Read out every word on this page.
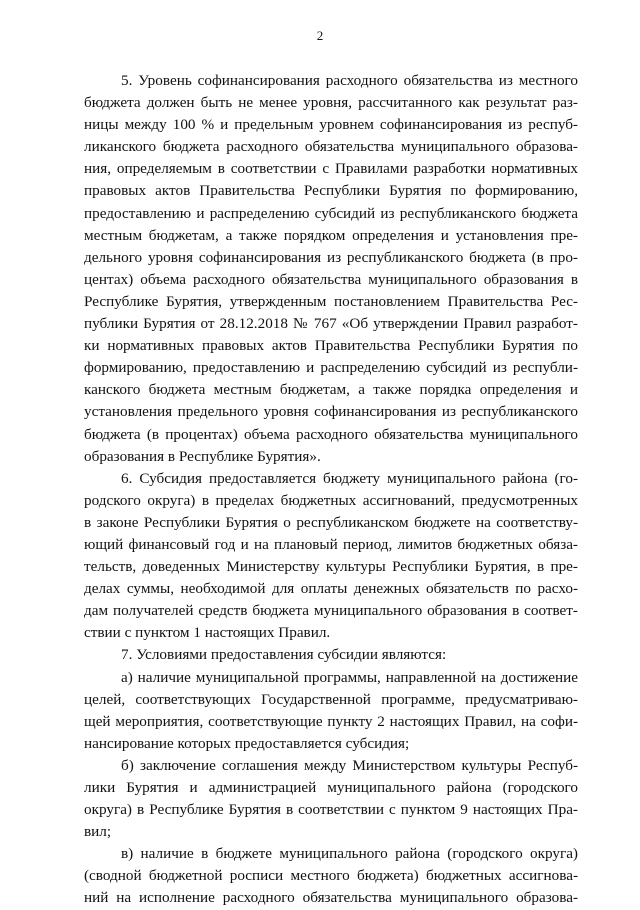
2
5. Уровень софинансирования расходного обязательства из местного
бюджета должен быть не менее уровня, рассчитанного как результат раз-
ницы между 100 % и предельным уровнем софинансирования из респуб-
ликанского бюджета расходного обязательства муниципального образова-
ния, определяемым в соответствии с Правилами разработки нормативных
правовых актов Правительства Республики Бурятия по формированию,
предоставлению и распределению субсидий из республиканского бюджета
местным бюджетам, а также порядком определения и установления пре-
дельного уровня софинансирования из республиканского бюджета (в про-
центах) объема расходного обязательства муниципального образования в
Республике Бурятия, утвержденным постановлением Правительства Рес-
публики Бурятия от 28.12.2018 № 767 «Об утверждении Правил разработ-
ки нормативных правовых актов Правительства Республики Бурятия по
формированию, предоставлению и распределению субсидий из республи-
канского бюджета местным бюджетам, а также порядка определения и
установления предельного уровня софинансирования из республиканского
бюджета (в процентах) объема расходного обязательства муниципального
образования в Республике Бурятия».
6. Субсидия предоставляется бюджету муниципального района (го-
родского округа) в пределах бюджетных ассигнований, предусмотренных
в законе Республики Бурятия о республиканском бюджете на соответству-
ющий финансовый год и на плановый период, лимитов бюджетных обяза-
тельств, доведенных Министерству культуры Республики Бурятия, в пре-
делах суммы, необходимой для оплаты денежных обязательств по расхо-
дам получателей средств бюджета муниципального образования в соответ-
ствии с пунктом 1 настоящих Правил.
7. Условиями предоставления субсидии являются:
а) наличие муниципальной программы, направленной на достижение
целей, соответствующих Государственной программе, предусматриваю-
щей мероприятия, соответствующие пункту 2 настоящих Правил, на софи-
нансирование которых предоставляется субсидия;
б) заключение соглашения между Министерством культуры Респуб-
лики Бурятия и администрацией муниципального района (городского
округа) в Республике Бурятия в соответствии с пунктом 9 настоящих Пра-
вил;
в) наличие в бюджете муниципального района (городского округа)
(сводной бюджетной росписи местного бюджета) бюджетных ассигнова-
ний на исполнение расходного обязательства муниципального образова-
